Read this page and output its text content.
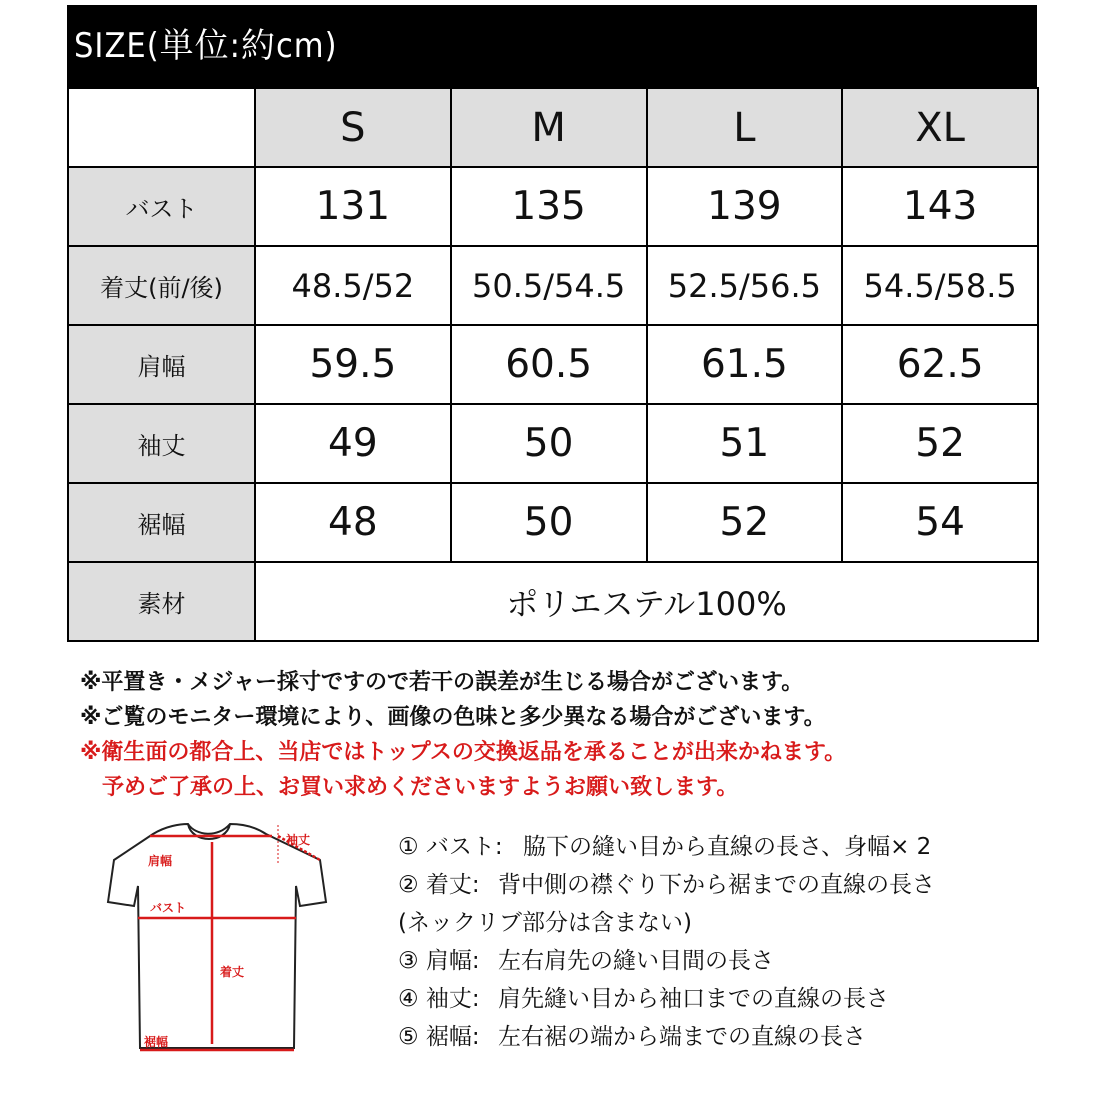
SIZE(単位:約cm)
	S	M	L	XL
バスト	131	135	139	143
着丈(前/後)	48.5/52	50.5/54.5	52.5/56.5	54.5/58.5
肩幅	59.5	60.5	61.5	62.5
袖丈	49	50	51	52
裾幅	48	50	52	54
素材	ポリエステル100%			
※平置き・メジャー採寸ですので若干の誤差が生じる場合がございます。
※ご覧のモニター環境により、画像の色味と多少異なる場合がございます。
※衛生面の都合上、当店ではトップスの交換返品を承ることが出来かねます。
予めご了承の上、お買い求めくださいますようお願い致します。
袖丈
肩幅
バスト
着丈
裾幅
① バスト: 脇下の縫い目から直線の長さ、身幅× 2
② 着丈: 背中側の襟ぐり下から裾までの直線の長さ
(ネックリブ部分は含まない)
③ 肩幅: 左右肩先の縫い目間の長さ
④ 袖丈: 肩先縫い目から袖口までの直線の長さ
⑤ 裾幅: 左右裾の端から端までの直線の長さ
